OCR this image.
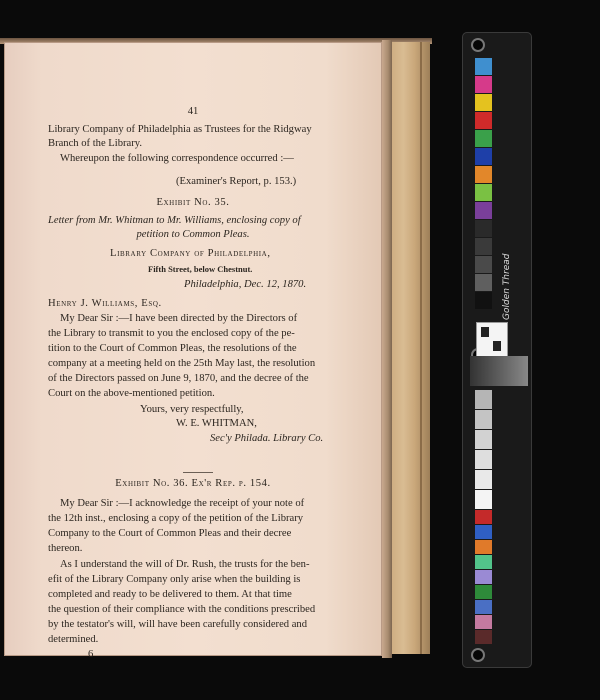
41
Library Company of Philadelphia as Trustees for the Ridgway
Branch of the Library.
Whereupon the following correspondence occurred :—
(Examiner's Report, p. 153.)
Exhibit No. 35.
Letter from Mr. Whitman to Mr. Williams, enclosing copy of
petition to Common Pleas.
Library Company of Philadelphia,
Fifth Street, below Chestnut.
Philadelphia, Dec. 12, 1870.
Henry J. Williams, Esq.
My Dear Sir :—I have been directed by the Directors of
the Library to transmit to you the enclosed copy of the pe-
tition to the Court of Common Pleas, the resolutions of the
company at a meeting held on the 25th May last, the resolution
of the Directors passed on June 9, 1870, and the decree of the
Court on the above-mentioned petition.
Yours, very respectfully,
W. E. WHITMAN,
Sec'y Philada. Library Co.
Exhibit No. 36. Ex'r Rep. p. 154.
My Dear Sir :—I acknowledge the receipt of your note of
the 12th inst., enclosing a copy of the petition of the Library
Company to the Court of Common Pleas and their decree
thereon.
As I understand the will of Dr. Rush, the trusts for the ben-
efit of the Library Company only arise when the building is
completed and ready to be delivered to them. At that time
the question of their compliance with the conditions prescribed
by the testator's will, will have been carefully considered and
determined.
6
Golden Thread
